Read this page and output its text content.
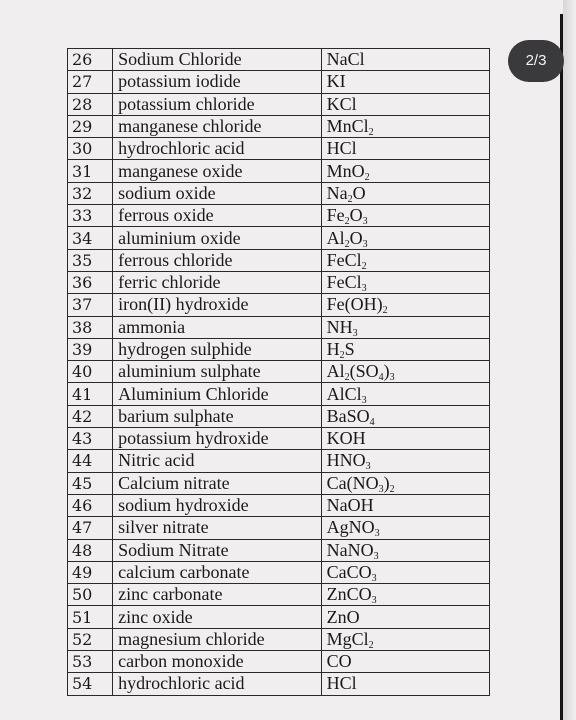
2/3
26	Sodium Chloride	NaCl
27	potassium iodide	KI
28	potassium chloride	KCl
29	manganese chloride	MnCl$_2$
30	hydrochloric acid	HCl
31	manganese oxide	MnO$_2$
32	sodium oxide	$Na_2O$
33	ferrous oxide	$Fe_2O_3$
34	aluminium oxide	$Al_2O_3$
35	ferrous chloride	FeCl$_2$
36	ferric chloride	FeCl$_3$
37	iron(II) hydroxide	$Fe(OH)_2$
38	ammonia	$NH_3$
39	hydrogen sulphide	$H_2S$
40	aluminium sulphate	$Al_2(SO_4)_3$
41	Aluminium Chloride	AlCl$_3$
42	barium sulphate	BaSO$_4$
43	potassium hydroxide	KOH
44	Nitric acid	$HNO_3$
45	Calcium nitrate	$Ca(NO_3)_2$
46	sodium hydroxide	NaOH
47	silver nitrate	AgNO$_3$
48	Sodium Nitrate	NaNO$_3$
49	calcium carbonate	CaCO$_3$
50	zinc carbonate	ZnCO$_3$
51	zinc oxide	ZnO
52	magnesium chloride	MgCl$_2$
53	carbon monoxide	CO
54	hydrochloric acid	HCl
